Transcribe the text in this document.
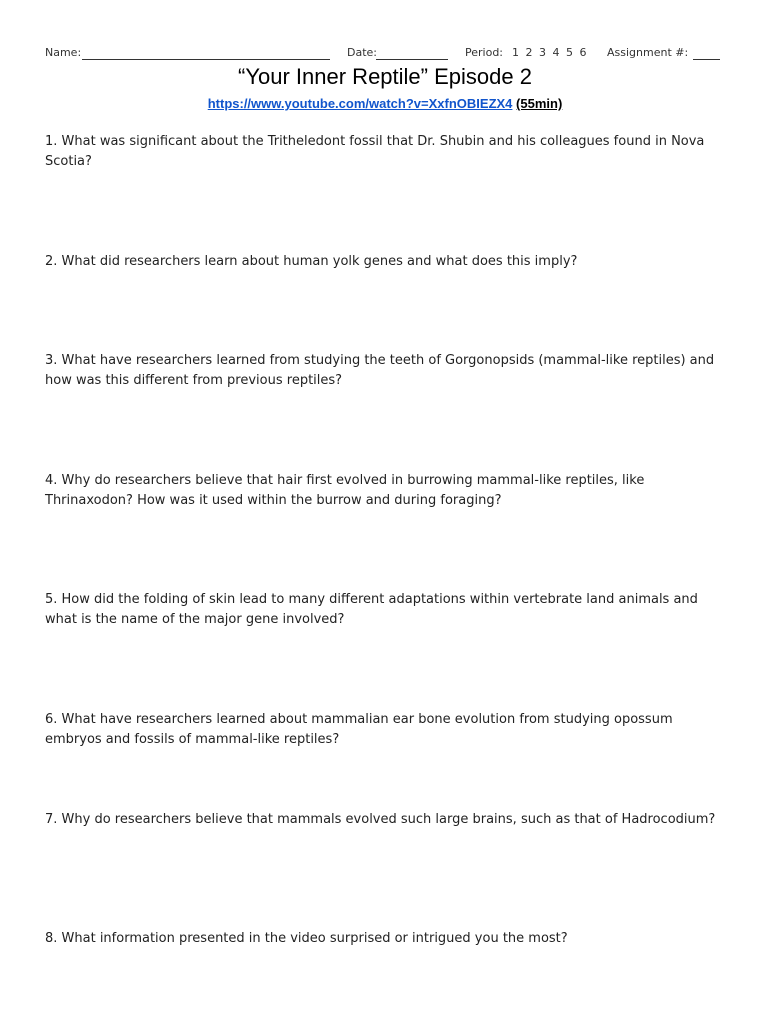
Name:	Date:	Period: 1 2 3 4 5 6 Assignment #:
“Your Inner Reptile” Episode 2
https://www.youtube.com/watch?v=XxfnOBIEZX4 (55min)

1. What was significant about the Tritheledont fossil that Dr. Shubin and his colleagues found in Nova Scotia?

2. What did researchers learn about human yolk genes and what does this imply?

3. What have researchers learned from studying the teeth of Gorgonopsids (mammal-like reptiles) and how was this different from previous reptiles?

4. Why do researchers believe that hair first evolved in burrowing mammal-like reptiles, like Thrinaxodon? How was it used within the burrow and during foraging?

5. How did the folding of skin lead to many different adaptations within vertebrate land animals and what is the name of the major gene involved?

6. What have researchers learned about mammalian ear bone evolution from studying opossum embryos and fossils of mammal-like reptiles?

7. Why do researchers believe that mammals evolved such large brains, such as that of Hadrocodium?

8. What information presented in the video surprised or intrigued you the most?
